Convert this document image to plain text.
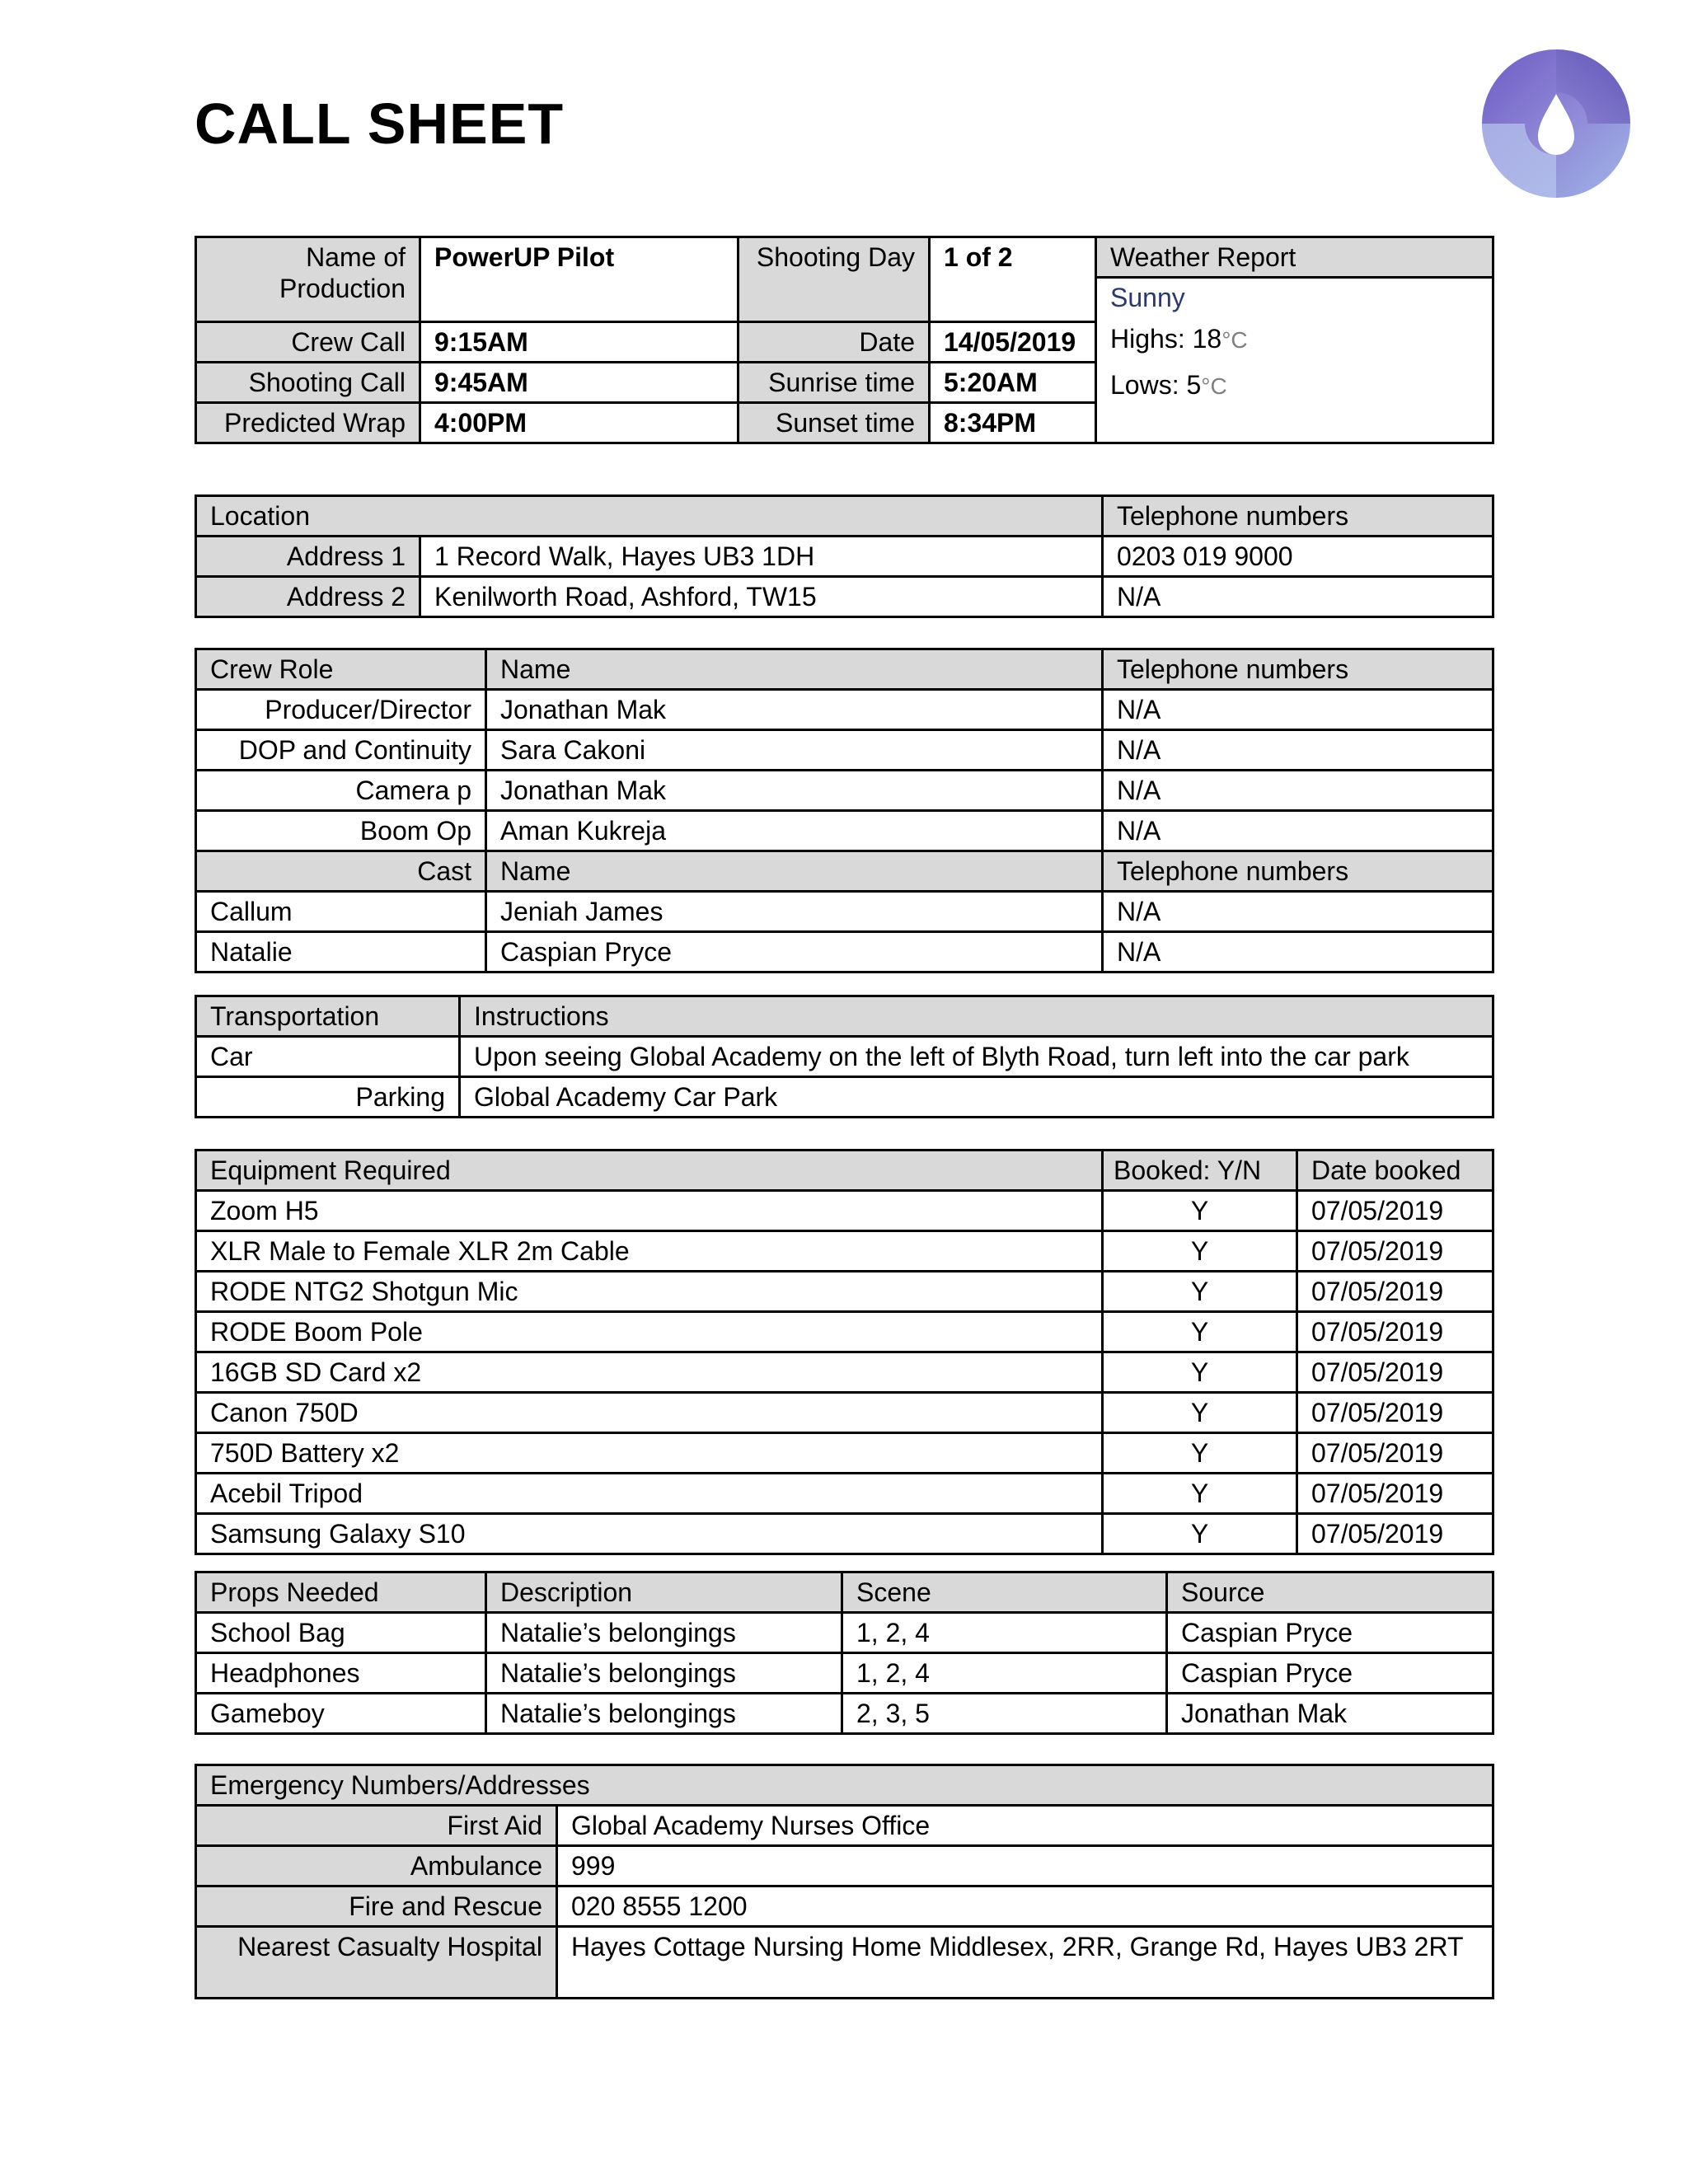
CALL SHEET
Name of Production	PowerUP Pilot	Shooting Day	1 of 2	Weather Report
Sunny
Highs: 18°C
Lows: 5°C

Crew Call	9:15AM	Date	14/05/2019	
Shooting Call	9:45AM	Sunrise time	5:20AM	
Predicted Wrap	4:00PM	Sunset time	8:34PM	
Location		Telephone numbers
Address 1	1 Record Walk, Hayes UB3 1DH	0203 019 9000
Address 2	Kenilworth Road, Ashford, TW15	N/A
Crew Role	Name	Telephone numbers
Producer/Director	Jonathan Mak	N/A
DOP and Continuity	Sara Cakoni	N/A
Camera p	Jonathan Mak	N/A
Boom Op	Aman Kukreja	N/A
Cast	Name	Telephone numbers
Callum	Jeniah James	N/A
Natalie	Caspian Pryce	N/A
Transportation	Instructions
Car	Upon seeing Global Academy on the left of Blyth Road, turn left into the car park
Parking	Global Academy Car Park
Equipment Required	Booked: Y/N	Date booked
Zoom H5	Y	07/05/2019
XLR Male to Female XLR 2m Cable	Y	07/05/2019
RODE NTG2 Shotgun Mic	Y	07/05/2019
RODE Boom Pole	Y	07/05/2019
16GB SD Card x2	Y	07/05/2019
Canon 750D	Y	07/05/2019
750D Battery x2	Y	07/05/2019
Acebil Tripod	Y	07/05/2019
Samsung Galaxy S10	Y	07/05/2019
Props Needed	Description	Scene	Source
School Bag	Natalie’s belongings	1, 2, 4	Caspian Pryce
Headphones	Natalie’s belongings	1, 2, 4	Caspian Pryce
Gameboy	Natalie’s belongings	2, 3, 5	Jonathan Mak
Emergency Numbers/Addresses	
First Aid	Global Academy Nurses Office
Ambulance	999
Fire and Rescue	020 8555 1200
Nearest Casualty Hospital	Hayes Cottage Nursing Home Middlesex, 2RR, Grange Rd, Hayes UB3 2RT
